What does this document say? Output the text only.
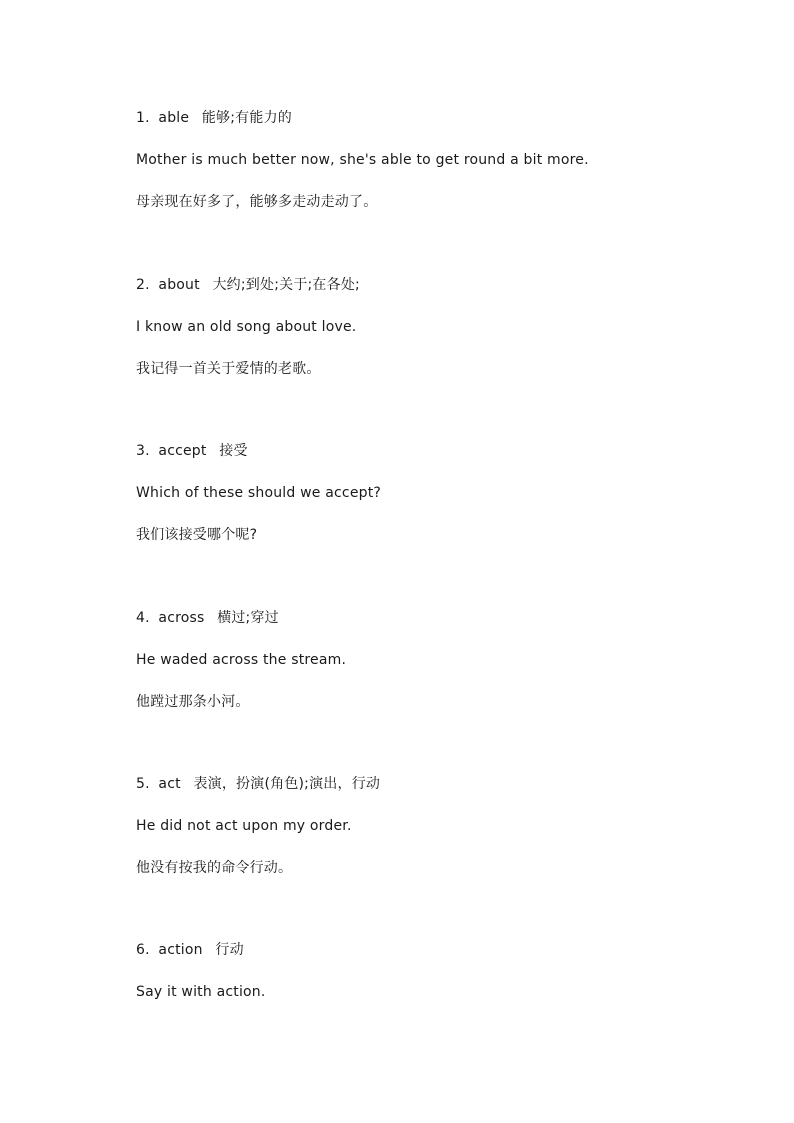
1. able 能够;有能力的
Mother is much better now, she's able to get round a bit more.
母亲现在好多了，能够多走动走动了。
2. about 大约;到处;关于;在各处;
I know an old song about love.
我记得一首关于爱情的老歌。
3. accept 接受
Which of these should we accept?
我们该接受哪个呢?
4. across 横过;穿过
He waded across the stream.
他蹚过那条小河。
5. act 表演，扮演(角色);演出，行动
He did not act upon my order.
他没有按我的命令行动。
6. action 行动
Say it with action.
